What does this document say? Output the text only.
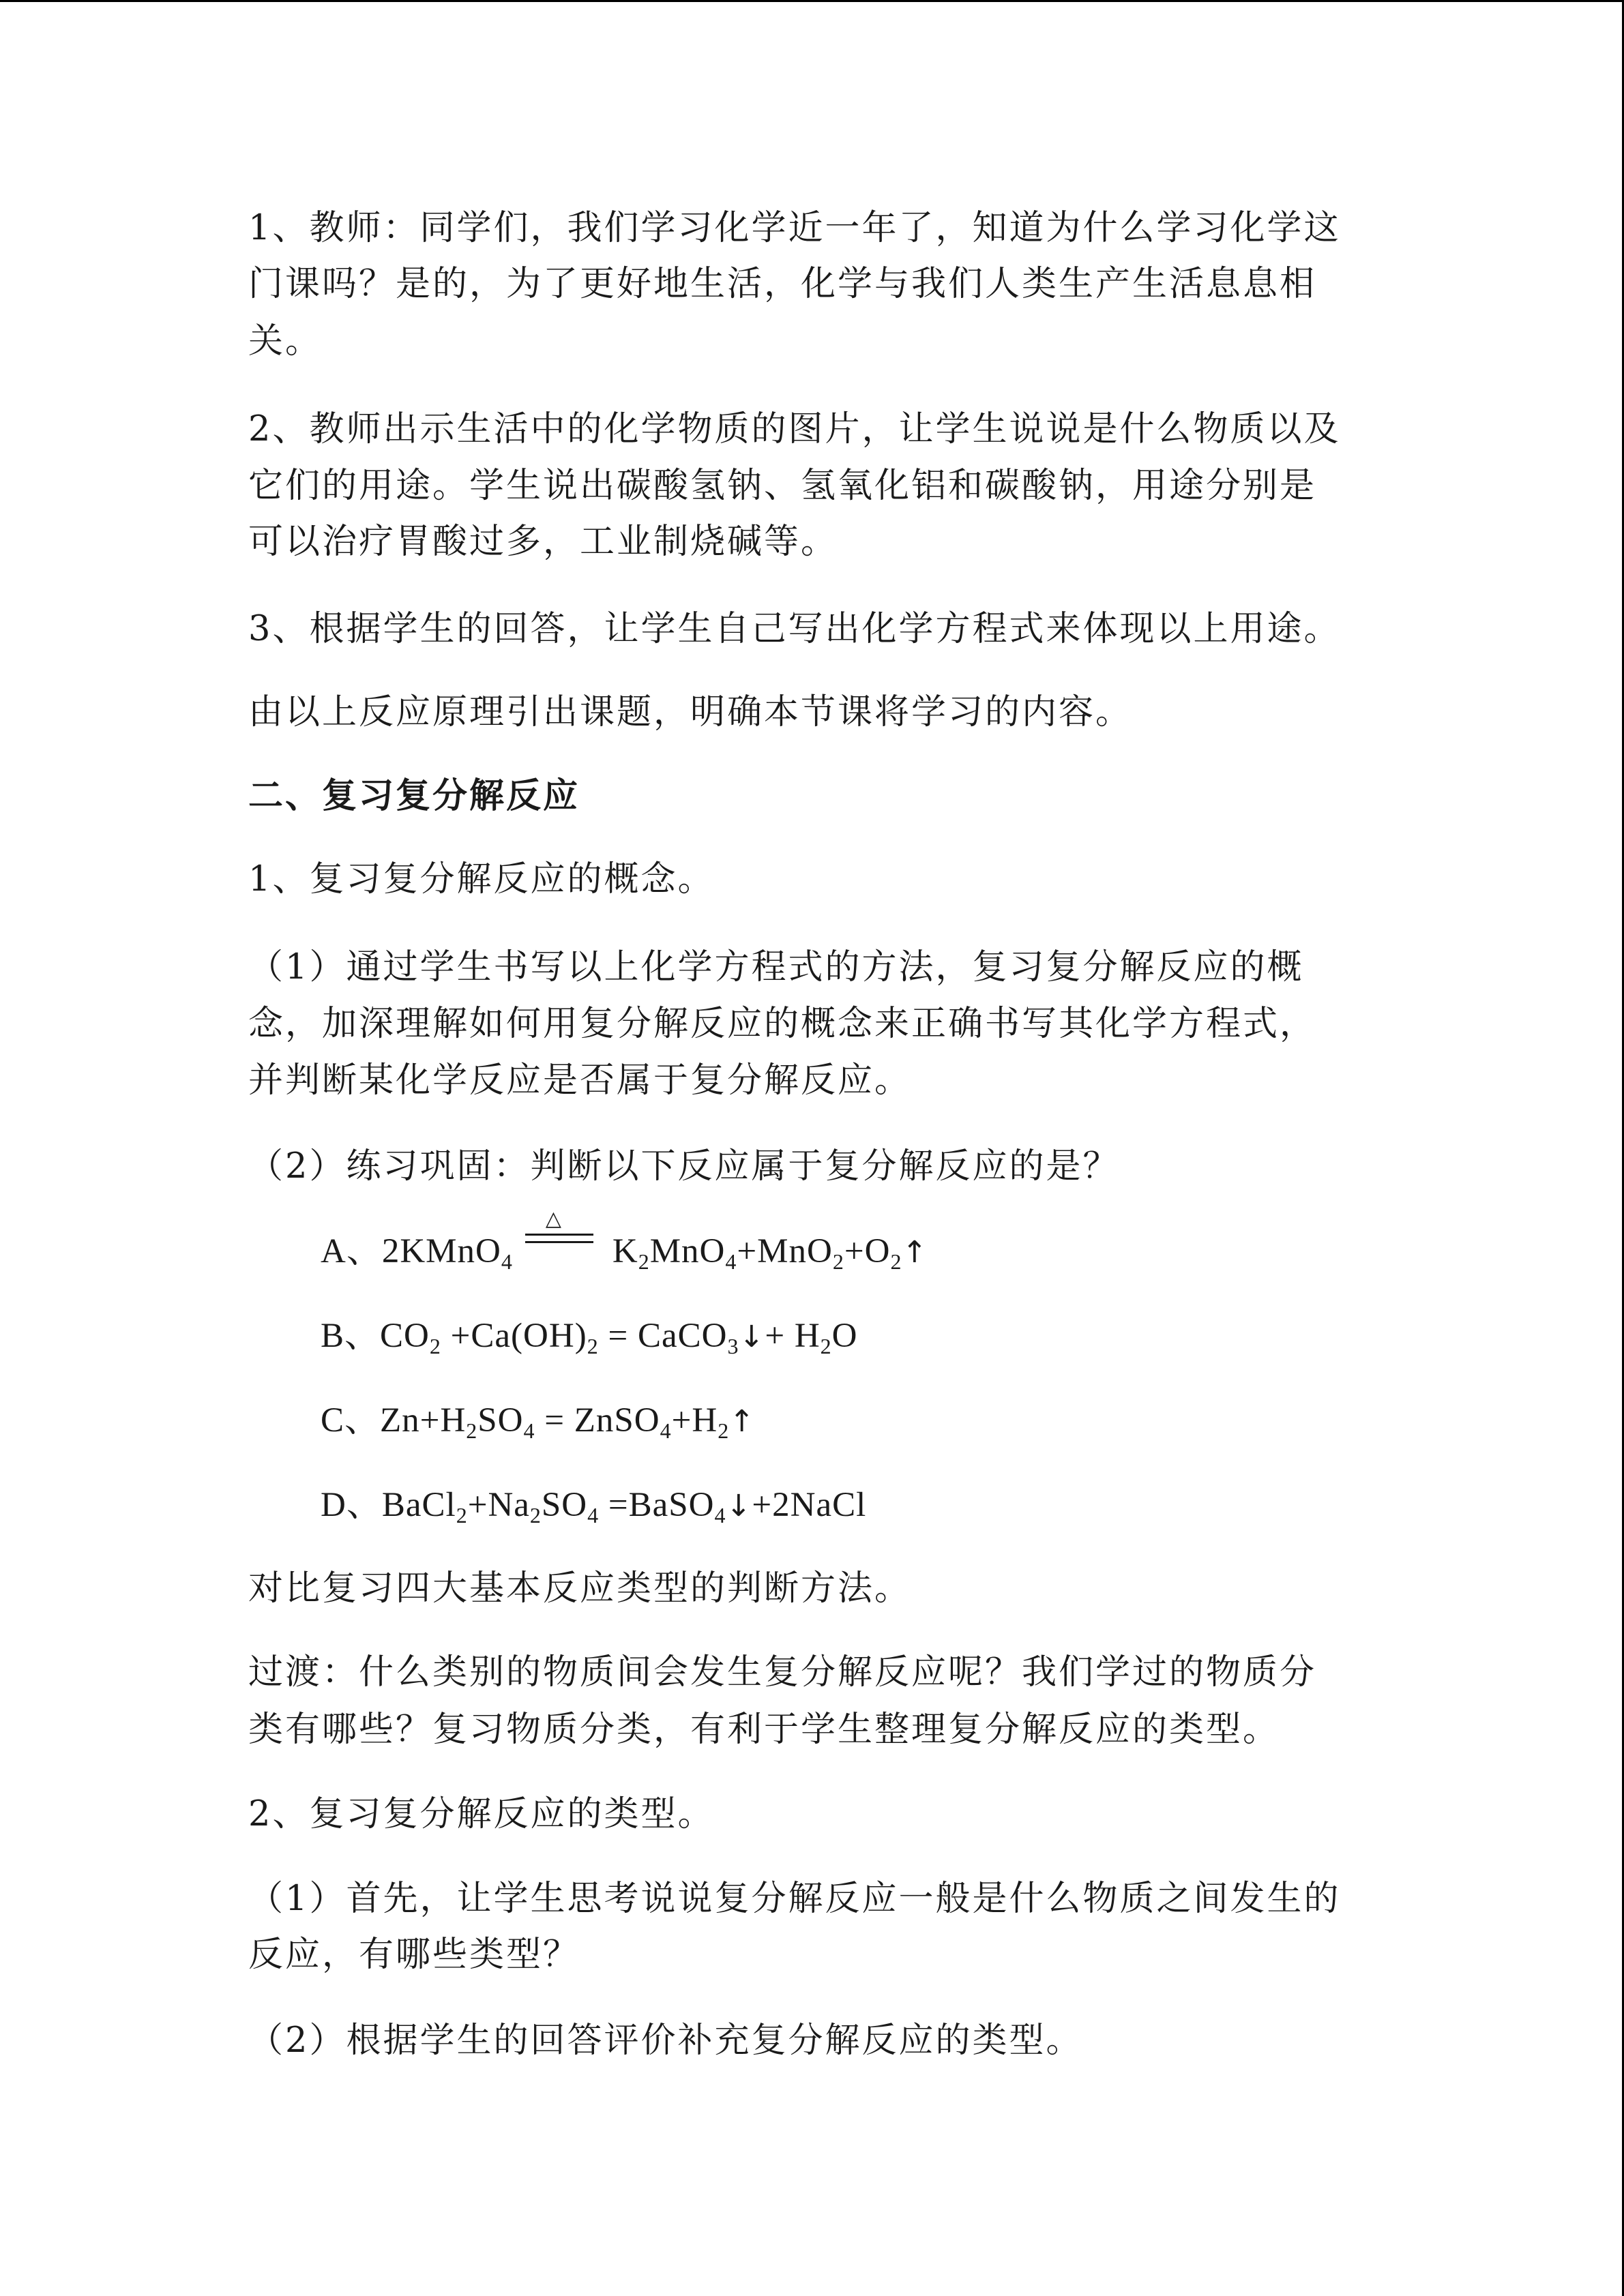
1、教师：同学们，我们学习化学近一年了，知道为什么学习化学这
门课吗？是的，为了更好地生活，化学与我们人类生产生活息息相
关。
2、教师出示生活中的化学物质的图片，让学生说说是什么物质以及
它们的用途。学生说出碳酸氢钠、氢氧化铝和碳酸钠，用途分别是
可以治疗胃酸过多，工业制烧碱等。
3、根据学生的回答，让学生自己写出化学方程式来体现以上用途。
由以上反应原理引出课题，明确本节课将学习的内容。
二、复习复分解反应
1、复习复分解反应的概念。
（1）通过学生书写以上化学方程式的方法，复习复分解反应的概
念，加深理解如何用复分解反应的概念来正确书写其化学方程式，
并判断某化学反应是否属于复分解反应。
（2）练习巩固：判断以下反应属于复分解反应的是？
A、2KMnO$_4$
△
$K_2MnO_4+MnO_2+O_2↑$
B、$CO_2 +Ca(OH)_2$ = CaCO$_3$↓+ $H_2O$
C、$Zn+H_2SO_4$ = $ZnSO_4+H_2↑$
D、$BaCl_2+Na_2SO_4$ =BaSO$_4$↓+2NaCl
对比复习四大基本反应类型的判断方法。
过渡：什么类别的物质间会发生复分解反应呢？我们学过的物质分
类有哪些？复习物质分类，有利于学生整理复分解反应的类型。
2、复习复分解反应的类型。
（1）首先，让学生思考说说复分解反应一般是什么物质之间发生的
反应，有哪些类型？
（2）根据学生的回答评价补充复分解反应的类型。
